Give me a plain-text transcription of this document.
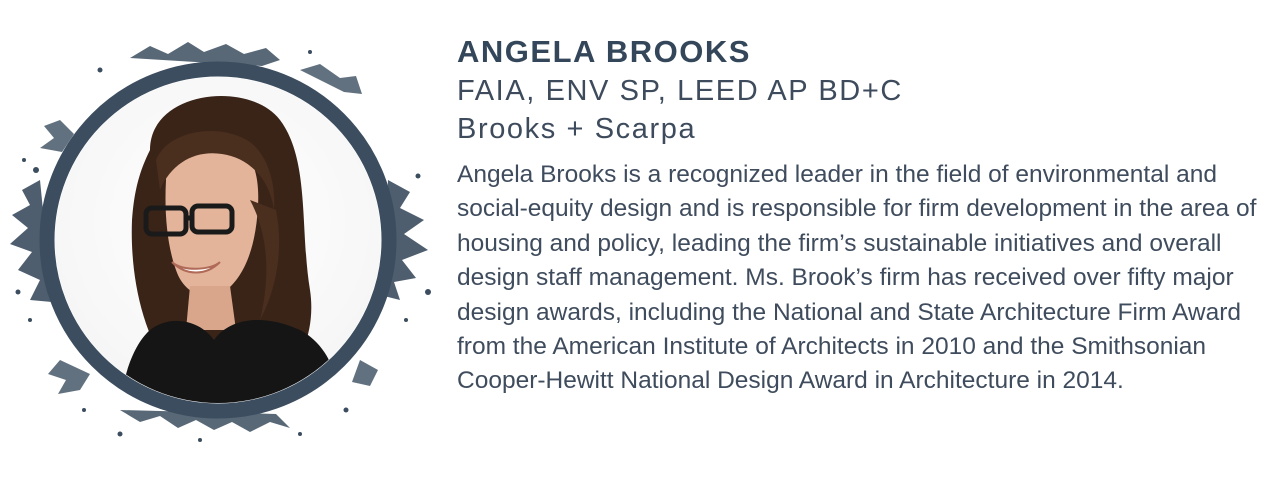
ANGELA BROOKS

FAIA, ENV SP, LEED AP BD+C

Brooks + Scarpa

Angela Brooks is a recognized leader in the field of environmental and social-equity design and is responsible for firm development in the area of housing and policy, leading the firm’s sustainable initiatives and overall design staff management. Ms. Brook’s firm has received over fifty major design awards, including the National and State Architecture Firm Award from the American Institute of Architects in 2010 and the Smithsonian Cooper-Hewitt National Design Award in Architecture in 2014.
